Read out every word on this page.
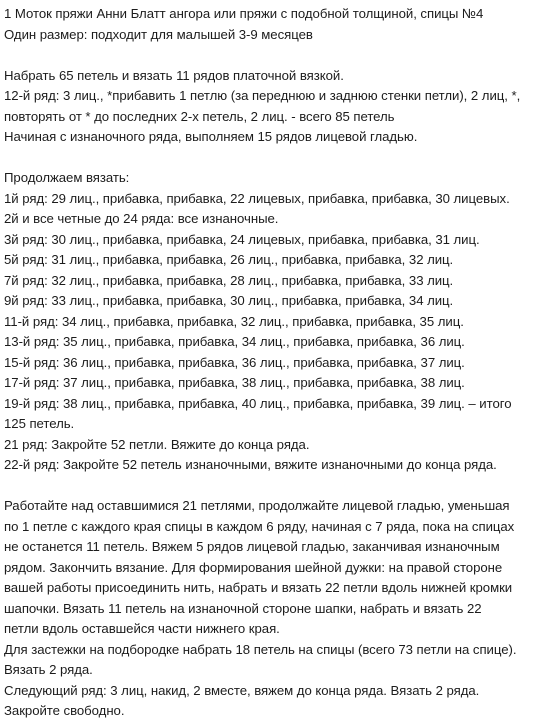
1 Моток пряжи Анни Блатт ангора или пряжи с подобной толщиной, спицы №4
Один размер: подходит для малышей 3-9 месяцев
Набрать 65 петель и вязать 11 рядов платочной вязкой.
12-й ряд: 3 лиц., *прибавить 1 петлю (за переднюю и заднюю стенки петли), 2 лиц, *,
повторять от * до последних 2-х петель, 2 лиц. - всего 85 петель
Начиная с изнаночного ряда, выполняем 15 рядов лицевой гладью.
Продолжаем вязать:
1й ряд: 29 лиц., прибавка, прибавка, 22 лицевых, прибавка, прибавка, 30 лицевых.
2й и все четные до 24 ряда: все изнаночные.
3й ряд: 30 лиц., прибавка, прибавка, 24 лицевых, прибавка, прибавка, 31 лиц.
5й ряд: 31 лиц., прибавка, прибавка, 26 лиц., прибавка, прибавка, 32 лиц.
7й ряд: 32 лиц., прибавка, прибавка, 28 лиц., прибавка, прибавка, 33 лиц.
9й ряд: 33 лиц., прибавка, прибавка, 30 лиц., прибавка, прибавка, 34 лиц.
11-й ряд: 34 лиц., прибавка, прибавка, 32 лиц., прибавка, прибавка, 35 лиц.
13-й ряд: 35 лиц., прибавка, прибавка, 34 лиц., прибавка, прибавка, 36 лиц.
15-й ряд: 36 лиц., прибавка, прибавка, 36 лиц., прибавка, прибавка, 37 лиц.
17-й ряд: 37 лиц., прибавка, прибавка, 38 лиц., прибавка, прибавка, 38 лиц.
19-й ряд: 38 лиц., прибавка, прибавка, 40 лиц., прибавка, прибавка, 39 лиц. – итого
125 петель.
21 ряд: Закройте 52 петли. Вяжите до конца ряда.
22-й ряд: Закройте 52 петель изнаночными, вяжите изнаночными до конца ряда.
Работайте над оставшимися 21 петлями, продолжайте лицевой гладью, уменьшая
по 1 петле с каждого края спицы в каждом 6 ряду, начиная с 7 ряда, пока на спицах
не останется 11 петель. Вяжем 5 рядов лицевой гладью, заканчивая изнаночным
рядом. Закончить вязание. Для формирования шейной дужки: на правой стороне
вашей работы присоединить нить, набрать и вязать 22 петли вдоль нижней кромки
шапочки. Вязать 11 петель на изнаночной стороне шапки, набрать и вязать 22
петли вдоль оставшейся части нижнего края.
Для застежки на подбородке набрать 18 петель на спицы (всего 73 петли на спице).
Вязать 2 ряда.
Следующий ряд: 3 лиц, накид, 2 вместе, вяжем до конца ряда. Вязать 2 ряда.
Закройте свободно.
